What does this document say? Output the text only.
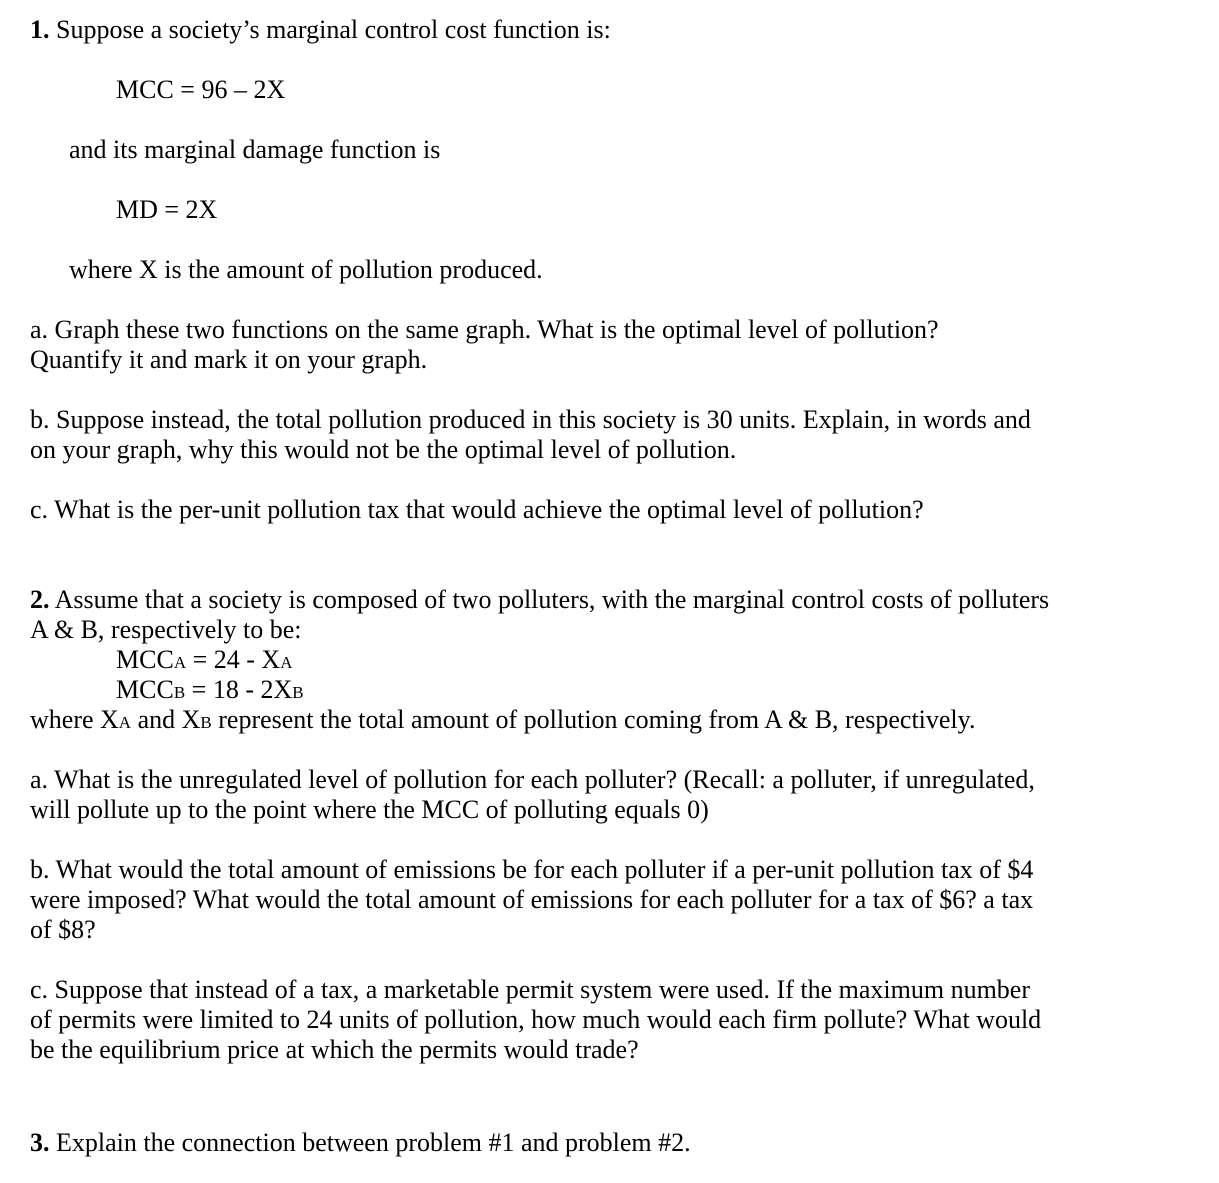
1. Suppose a society’s marginal control cost function is:
MCC = 96 – 2X
and its marginal damage function is
MD = 2X
where X is the amount of pollution produced.
a. Graph these two functions on the same graph. What is the optimal level of pollution?
Quantify it and mark it on your graph.
b. Suppose instead, the total pollution produced in this society is 30 units. Explain, in words and
on your graph, why this would not be the optimal level of pollution.
c. What is the per-unit pollution tax that would achieve the optimal level of pollution?
2. Assume that a society is composed of two polluters, with the marginal control costs of polluters
A & B, respectively to be:
MCCA = 24 - XA
MCCB = 18 - 2XB
where XA and XB represent the total amount of pollution coming from A & B, respectively.
a. What is the unregulated level of pollution for each polluter? (Recall: a polluter, if unregulated,
will pollute up to the point where the MCC of polluting equals 0)
b. What would the total amount of emissions be for each polluter if a per-unit pollution tax of $4
were imposed? What would the total amount of emissions for each polluter for a tax of $6? a tax
of $8?
c. Suppose that instead of a tax, a marketable permit system were used. If the maximum number
of permits were limited to 24 units of pollution, how much would each firm pollute? What would
be the equilibrium price at which the permits would trade?
3. Explain the connection between problem #1 and problem #2.
